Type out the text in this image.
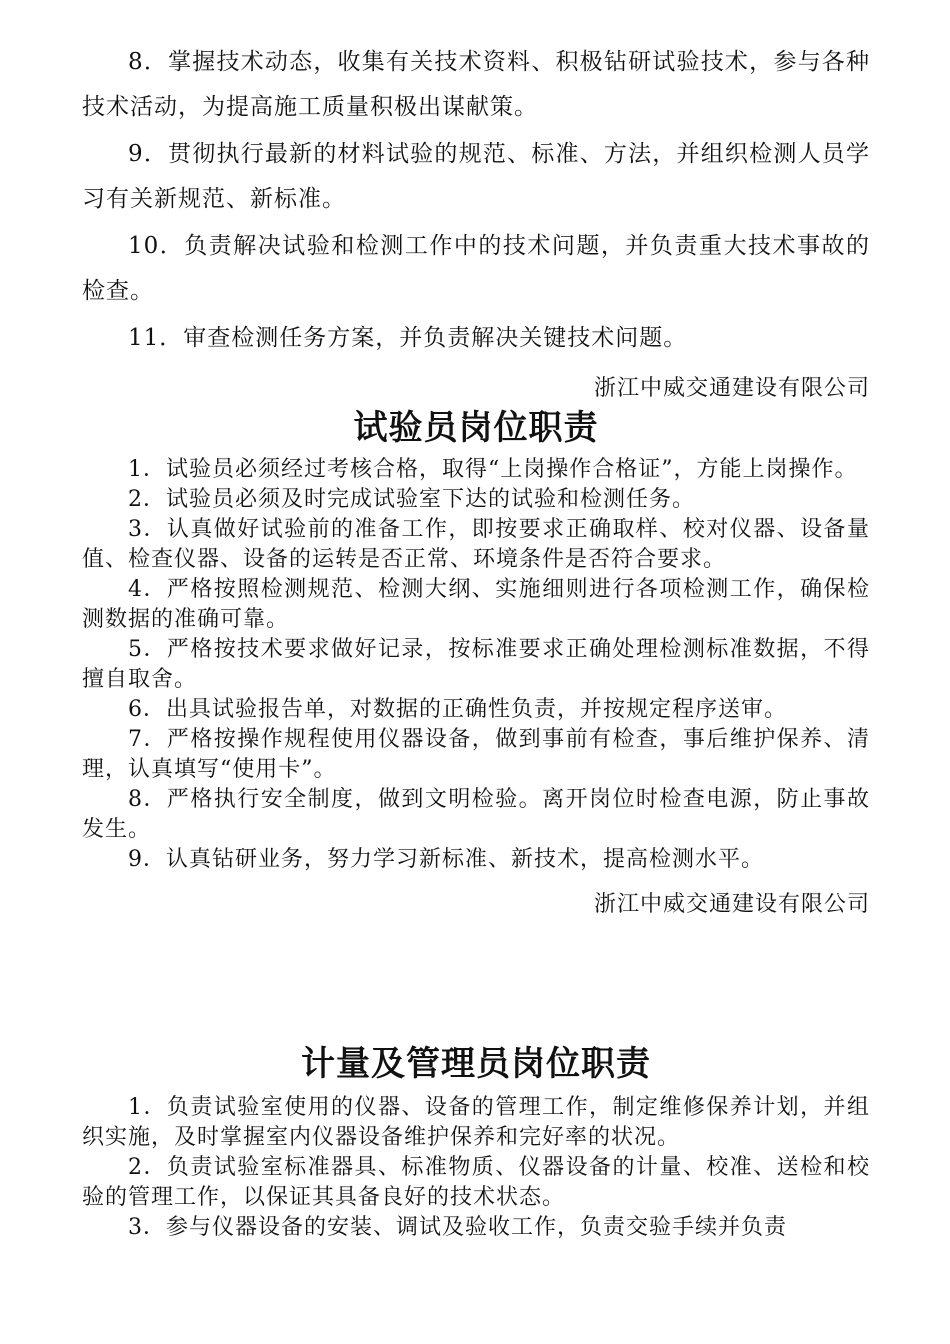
8．掌握技术动态，收集有关技术资料、积极钻研试验技术，参与各种技术活动，为提高施工质量积极出谋献策。

9．贯彻执行最新的材料试验的规范、标准、方法，并组织检测人员学习有关新规范、新标准。

10．负责解决试验和检测工作中的技术问题，并负责重大技术事故的检查。

11．审查检测任务方案，并负责解决关键技术问题。

浙江中威交通建设有限公司
试验员岗位职责

1．试验员必须经过考核合格，取得“上岗操作合格证”，方能上岗操作。

2．试验员必须及时完成试验室下达的试验和检测任务。

3．认真做好试验前的准备工作，即按要求正确取样、校对仪器、设备量值、检查仪器、设备的运转是否正常、环境条件是否符合要求。

4．严格按照检测规范、检测大纲、实施细则进行各项检测工作，确保检测数据的准确可靠。

5．严格按技术要求做好记录，按标准要求正确处理检测标准数据，不得擅自取舍。

6．出具试验报告单，对数据的正确性负责，并按规定程序送审。

7．严格按操作规程使用仪器设备，做到事前有检查，事后维护保养、清理，认真填写“使用卡”。

8．严格执行安全制度，做到文明检验。离开岗位时检查电源，防止事故发生。

9．认真钻研业务，努力学习新标准、新技术，提高检测水平。

浙江中威交通建设有限公司
计量及管理员岗位职责

1．负责试验室使用的仪器、设备的管理工作，制定维修保养计划，并组织实施，及时掌握室内仪器设备维护保养和完好率的状况。

2．负责试验室标准器具、标准物质、仪器设备的计量、校准、送检和校验的管理工作，以保证其具备良好的技术状态。

3．参与仪器设备的安装、调试及验收工作，负责交验手续并负责
